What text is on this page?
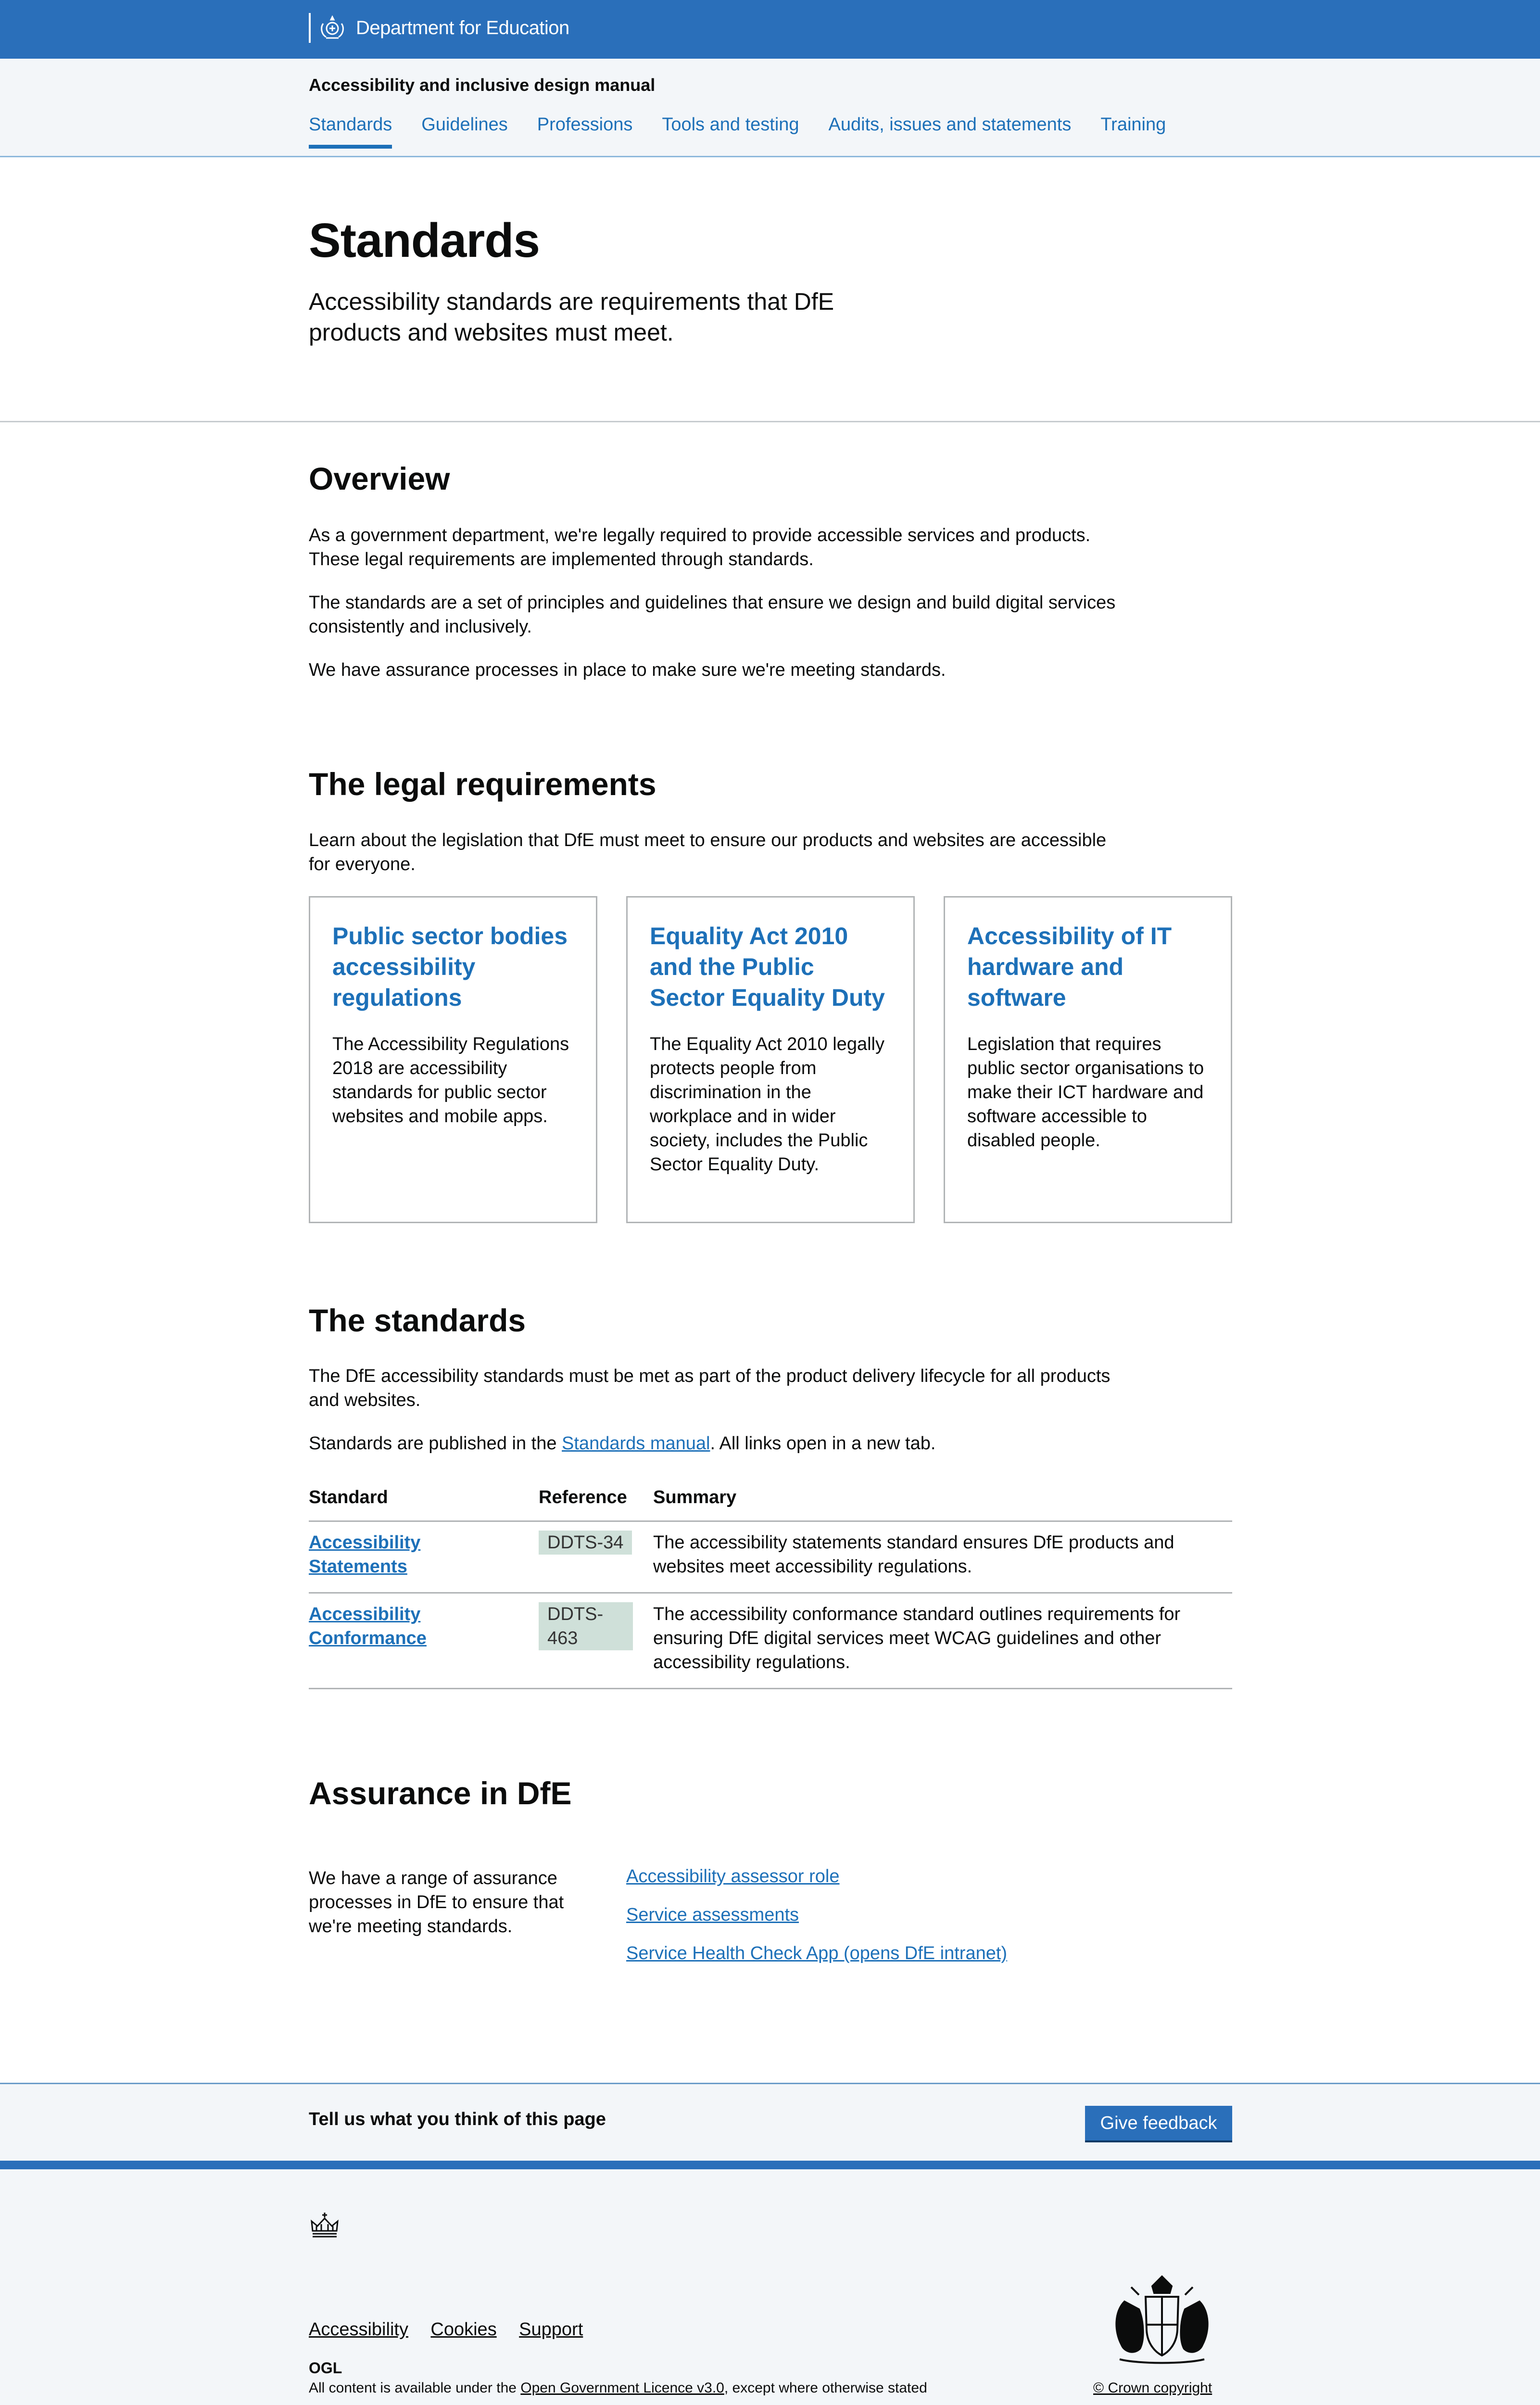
Department for Education
Accessibility and inclusive design manual
Standards Guidelines Professions Tools and testing Audits, issues and statements Training
Standards

Accessibility standards are requirements that DfE products and websites must meet.

Overview

As a government department, we're legally required to provide accessible services and products. These legal requirements are implemented through standards.

The standards are a set of principles and guidelines that ensure we design and build digital services consistently and inclusively.

We have assurance processes in place to make sure we're meeting standards.

The legal requirements

Learn about the legislation that DfE must meet to ensure our products and websites are accessible for everyone.

Public sector bodies accessibility regulations
The Accessibility Regulations 2018 are accessibility standards for public sector websites and mobile apps.
Equality Act 2010 and the Public Sector Equality Duty
The Equality Act 2010 legally protects people from discrimination in the workplace and in wider society, includes the Public Sector Equality Duty.
Accessibility of IT hardware and software
Legislation that requires public sector organisations to make their ICT hardware and software accessible to disabled people.
The standards

The DfE accessibility standards must be met as part of the product delivery lifecycle for all products and websites.

Standards are published in the Standards manual. All links open in a new tab.

Standard	Reference	Summary
Accessibility Statements	DDTS-34	The accessibility statements standard ensures DfE products and websites meet accessibility regulations.
Accessibility Conformance	DDTS-463	The accessibility conformance standard outlines requirements for ensuring DfE digital services meet WCAG guidelines and other accessibility regulations.
Assurance in DfE

We have a range of assurance processes in DfE to ensure that we're meeting standards.

Accessibility assessor role
Service assessments
Service Health Check App (opens DfE intranet)
Tell us what you think of this page	Give feedback
Accessibility Cookies Support
OGL
All content is available under the Open Government Licence v3.0, except where otherwise stated	© Crown copyright
